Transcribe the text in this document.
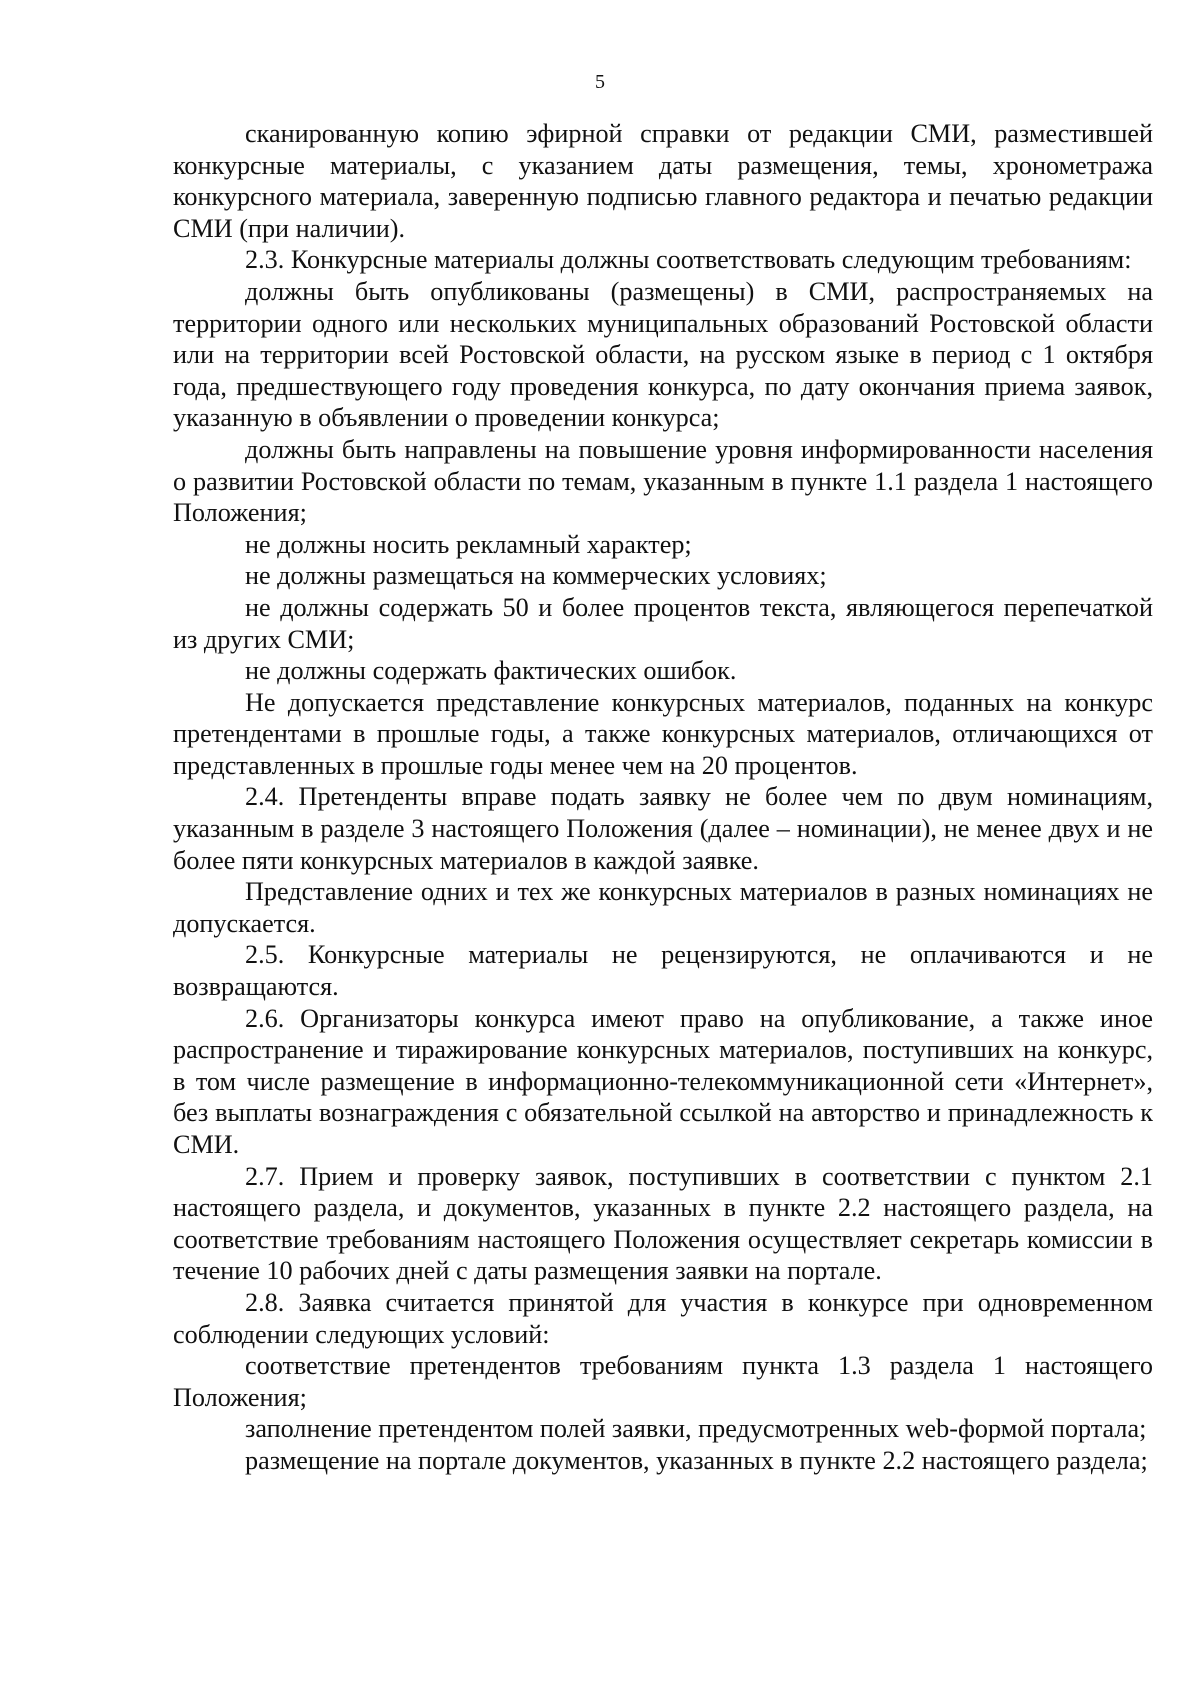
5

сканированную копию эфирной справки от редакции СМИ, разместившей конкурсные материалы, с указанием даты размещения, темы, хронометража конкурсного материала, заверенную подписью главного редактора и печатью редакции СМИ (при наличии).

2.3. Конкурсные материалы должны соответствовать следующим требованиям:

должны быть опубликованы (размещены) в СМИ, распространяемых на территории одного или нескольких муниципальных образований Ростовской области или на территории всей Ростовской области, на русском языке в период с 1 октября года, предшествующего году проведения конкурса, по дату окончания приема заявок, указанную в объявлении о проведении конкурса;

должны быть направлены на повышение уровня информированности населения о развитии Ростовской области по темам, указанным в пункте 1.1 раздела 1 настоящего Положения;

не должны носить рекламный характер;

не должны размещаться на коммерческих условиях;

не должны содержать 50 и более процентов текста, являющегося перепечаткой из других СМИ;

не должны содержать фактических ошибок.

Не допускается представление конкурсных материалов, поданных на конкурс претендентами в прошлые годы, а также конкурсных материалов, отличающихся от представленных в прошлые годы менее чем на 20 процентов.

2.4. Претенденты вправе подать заявку не более чем по двум номинациям, указанным в разделе 3 настоящего Положения (далее – номинации), не менее двух и не более пяти конкурсных материалов в каждой заявке.

Представление одних и тех же конкурсных материалов в разных номинациях не допускается.

2.5. Конкурсные материалы не рецензируются, не оплачиваются и не возвращаются.

2.6. Организаторы конкурса имеют право на опубликование, а также иное распространение и тиражирование конкурсных материалов, поступивших на конкурс, в том числе размещение в информационно-телекоммуникационной сети «Интернет», без выплаты вознаграждения с обязательной ссылкой на авторство и принадлежность к СМИ.

2.7. Прием и проверку заявок, поступивших в соответствии с пунктом 2.1 настоящего раздела, и документов, указанных в пункте 2.2 настоящего раздела, на соответствие требованиям настоящего Положения осуществляет секретарь комиссии в течение 10 рабочих дней с даты размещения заявки на портале.

2.8. Заявка считается принятой для участия в конкурсе при одновременном соблюдении следующих условий:

соответствие претендентов требованиям пункта 1.3 раздела 1 настоящего Положения;

заполнение претендентом полей заявки, предусмотренных web-формой портала;

размещение на портале документов, указанных в пункте 2.2 настоящего раздела;
